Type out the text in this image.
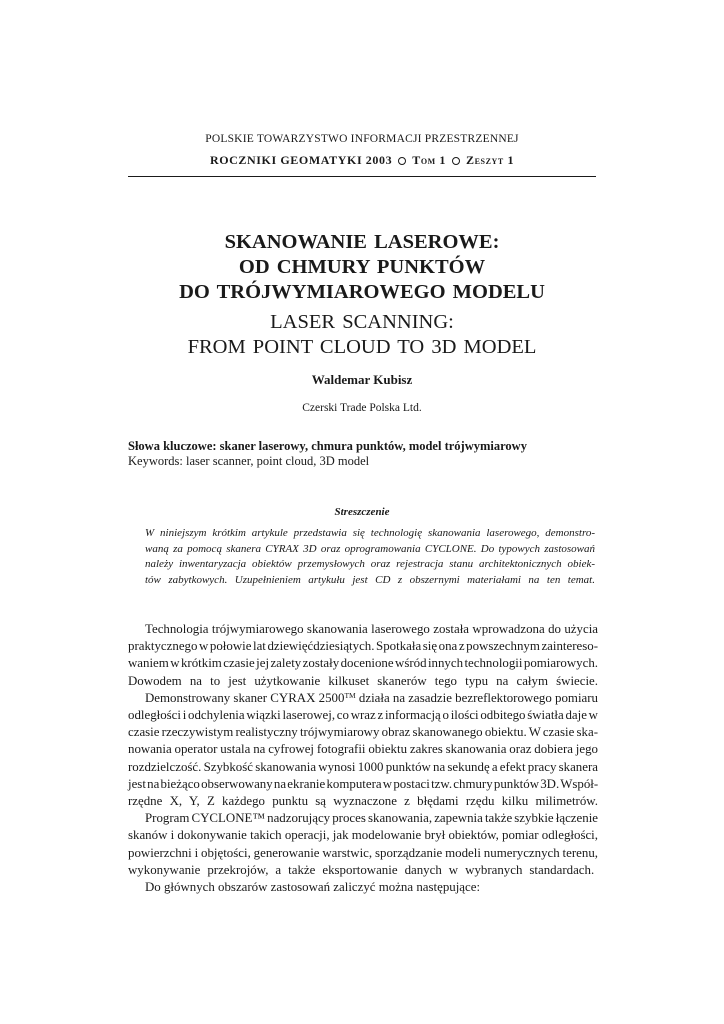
POLSKIE TOWARZYSTWO INFORMACJI PRZESTRZENNEJ
ROCZNIKI GEOMATYKI 2003 Tom 1 Zeszyt 1
SKANOWANIE LASEROWE:
OD CHMURY PUNKTÓW
DO TRÓJWYMIAROWEGO MODELU
LASER SCANNING:
FROM POINT CLOUD TO 3D MODEL
Waldemar Kubisz
Czerski Trade Polska Ltd.
Słowa kluczowe: skaner laserowy, chmura punktów, model trójwymiarowy
Keywords: laser scanner, point cloud, 3D model
Streszczenie
W niniejszym krótkim artykule przedstawia się technologię skanowania laserowego, demonstro-
waną za pomocą skanera CYRAX 3D oraz oprogramowania CYCLONE. Do typowych zastosowań
należy inwentaryzacja obiektów przemysłowych oraz rejestracja stanu architektonicznych obiek-
tów zabytkowych. Uzupełnieniem artykułu jest CD z obszernymi materiałami na ten temat.
Technologia trójwymiarowego skanowania laserowego została wprowadzona do użycia
praktycznego w połowie lat dziewięćdziesiątych. Spotkała się ona z powszechnym zaintereso-
waniem w krótkim czasie jej zalety zostały docenione wśród innych technologii pomiarowych.
Dowodem na to jest użytkowanie kilkuset skanerów tego typu na całym świecie.
Demonstrowany skaner CYRAX 2500™ działa na zasadzie bezreflektorowego pomiaru
odległości i odchylenia wiązki laserowej, co wraz z informacją o ilości odbitego światła daje w
czasie rzeczywistym realistyczny trójwymiarowy obraz skanowanego obiektu. W czasie ska-
nowania operator ustala na cyfrowej fotografii obiektu zakres skanowania oraz dobiera jego
rozdzielczość. Szybkość skanowania wynosi 1000 punktów na sekundę a efekt pracy skanera
jest na bieżąco obserwowany na ekranie komputera w postaci tzw. chmury punktów 3D. Współ-
rzędne X, Y, Z każdego punktu są wyznaczone z błędami rzędu kilku milimetrów.
Program CYCLONE™ nadzorujący proces skanowania, zapewnia także szybkie łączenie
skanów i dokonywanie takich operacji, jak modelowanie brył obiektów, pomiar odległości,
powierzchni i objętości, generowanie warstwic, sporządzanie modeli numerycznych terenu,
wykonywanie przekrojów, a także eksportowanie danych w wybranych standardach.
Do głównych obszarów zastosowań zaliczyć można następujące:
